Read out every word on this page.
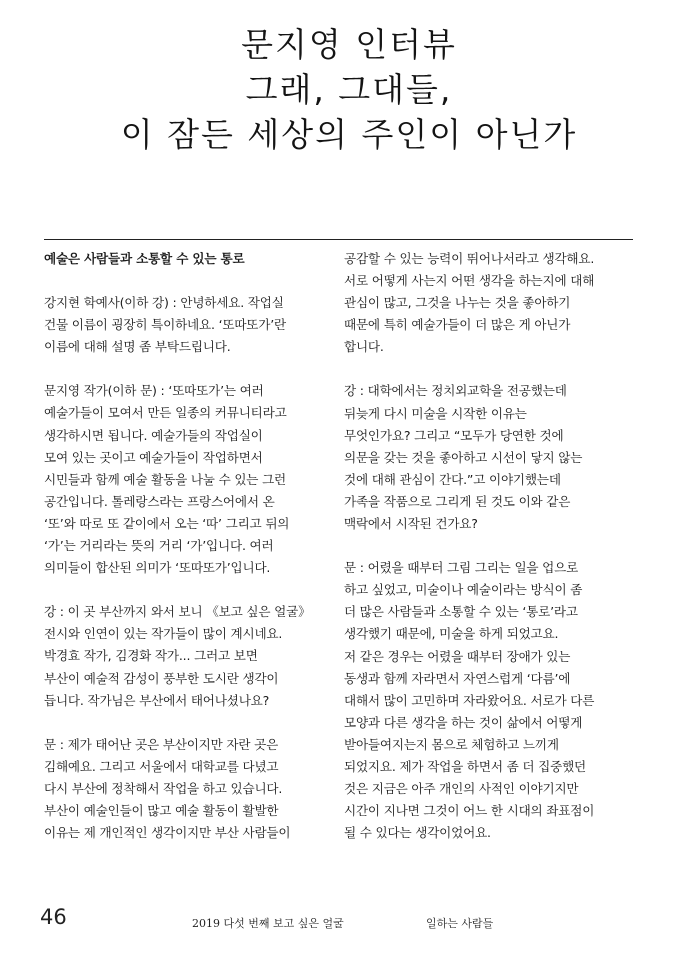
문지영 인터뷰
그래, 그대들,
이 잠든 세상의 주인이 아닌가
예술은 사람들과 소통할 수 있는 통로
강지현 학예사(이하 강) : 안녕하세요. 작업실
건물 이름이 굉장히 특이하네요. ‘또따또가’란
이름에 대해 설명 좀 부탁드립니다.
문지영 작가(이하 문) : ‘또따또가’는 여러
예술가들이 모여서 만든 일종의 커뮤니티라고
생각하시면 됩니다. 예술가들의 작업실이
모여 있는 곳이고 예술가들이 작업하면서
시민들과 함께 예술 활동을 나눌 수 있는 그런
공간입니다. 톨레랑스라는 프랑스어에서 온
‘또’와 따로 또 같이에서 오는 ‘따’ 그리고 뒤의
‘가’는 거리라는 뜻의 거리 ‘가’입니다. 여러
의미들이 합산된 의미가 ‘또따또가’입니다.
강 : 이 곳 부산까지 와서 보니 《보고 싶은 얼굴》
전시와 인연이 있는 작가들이 많이 계시네요.
박경효 작가, 김경화 작가... 그러고 보면
부산이 예술적 감성이 풍부한 도시란 생각이
듭니다. 작가님은 부산에서 태어나셨나요?
문 : 제가 태어난 곳은 부산이지만 자란 곳은
김해예요. 그리고 서울에서 대학교를 다녔고
다시 부산에 정착해서 작업을 하고 있습니다.
부산이 예술인들이 많고 예술 활동이 활발한
이유는 제 개인적인 생각이지만 부산 사람들이
공감할 수 있는 능력이 뛰어나서라고 생각해요.
서로 어떻게 사는지 어떤 생각을 하는지에 대해
관심이 많고, 그것을 나누는 것을 좋아하기
때문에 특히 예술가들이 더 많은 게 아닌가
합니다.
강 : 대학에서는 정치외교학을 전공했는데
뒤늦게 다시 미술을 시작한 이유는
무엇인가요? 그리고 “모두가 당연한 것에
의문을 갖는 것을 좋아하고 시선이 닿지 않는
것에 대해 관심이 간다.”고 이야기했는데
가족을 작품으로 그리게 된 것도 이와 같은
맥락에서 시작된 건가요?
문 : 어렸을 때부터 그림 그리는 일을 업으로
하고 싶었고, 미술이나 예술이라는 방식이 좀
더 많은 사람들과 소통할 수 있는 ‘통로’라고
생각했기 때문에, 미술을 하게 되었고요.
저 같은 경우는 어렸을 때부터 장애가 있는
동생과 함께 자라면서 자연스럽게 ‘다름’에
대해서 많이 고민하며 자라왔어요. 서로가 다른
모양과 다른 생각을 하는 것이 삶에서 어떻게
받아들여지는지 몸으로 체험하고 느끼게
되었지요. 제가 작업을 하면서 좀 더 집중했던
것은 지금은 아주 개인의 사적인 이야기지만
시간이 지나면 그것이 어느 한 시대의 좌표점이
될 수 있다는 생각이었어요.
46	2019 다섯 번째 보고 싶은 얼굴	일하는 사람들
